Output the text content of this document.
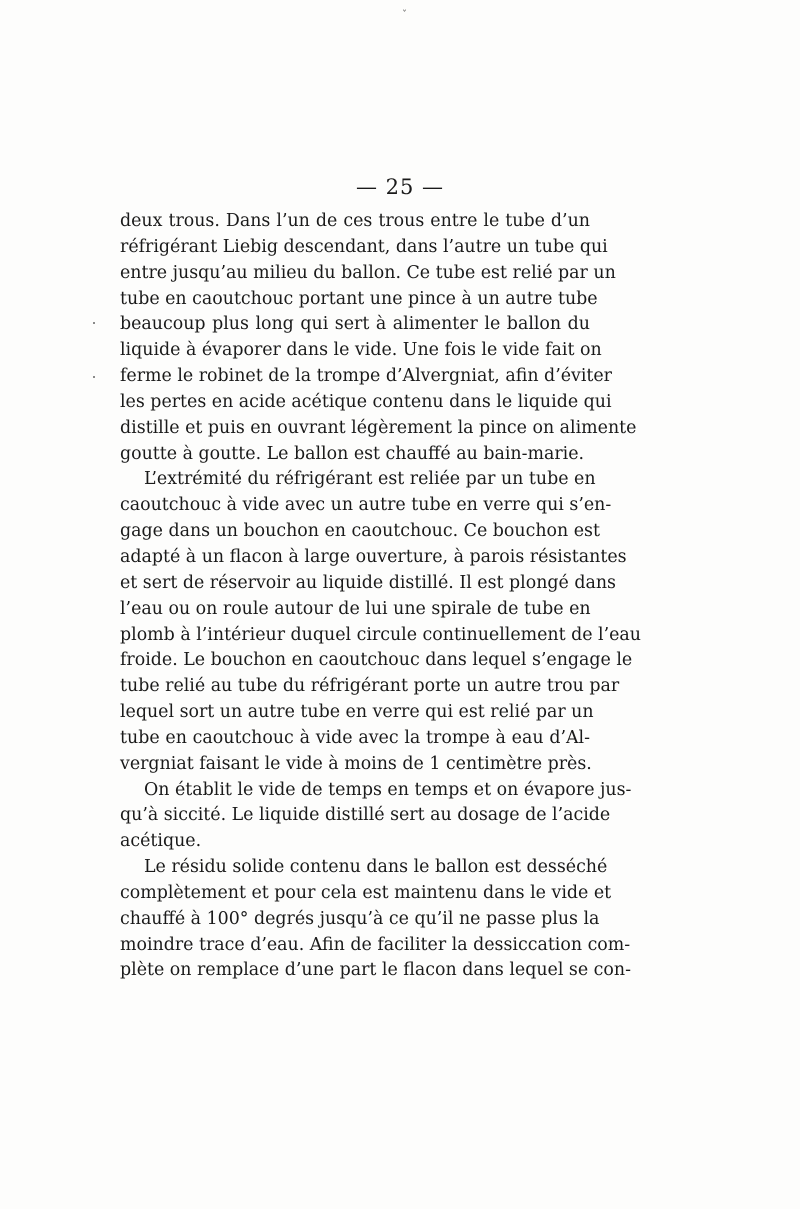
ˇ
— 25 —
deux trous. Dans l’un de ces trous entre le tube d’un
réfrigérant Liebig descendant, dans l’autre un tube qui
entre jusqu’au milieu du ballon. Ce tube est relié par un
tube en caoutchouc portant une pince à un autre tube
beaucoup plus long qui sert à alimenter le ballon du
liquide à évaporer dans le vide. Une fois le vide fait on
ferme le robinet de la trompe d’Alvergniat, afin d’éviter
les pertes en acide acétique contenu dans le liquide qui
distille et puis en ouvrant légèrement la pince on alimente
goutte à goutte. Le ballon est chauffé au bain-marie.
L’extrémité du réfrigérant est reliée par un tube en
caoutchouc à vide avec un autre tube en verre qui s’en-
gage dans un bouchon en caoutchouc. Ce bouchon est
adapté à un flacon à large ouverture, à parois résistantes
et sert de réservoir au liquide distillé. Il est plongé dans
l’eau ou on roule autour de lui une spirale de tube en
plomb à l’intérieur duquel circule continuellement de l’eau
froide. Le bouchon en caoutchouc dans lequel s’engage le
tube relié au tube du réfrigérant porte un autre trou par
lequel sort un autre tube en verre qui est relié par un
tube en caoutchouc à vide avec la trompe à eau d’Al-
vergniat faisant le vide à moins de 1 centimètre près.
On établit le vide de temps en temps et on évapore jus-
qu’à siccité. Le liquide distillé sert au dosage de l’acide
acétique.
Le résidu solide contenu dans le ballon est desséché
complètement et pour cela est maintenu dans le vide et
chauffé à 100° degrés jusqu’à ce qu’il ne passe plus la
moindre trace d’eau. Afin de faciliter la dessiccation com-
plète on remplace d’une part le flacon dans lequel se con-
